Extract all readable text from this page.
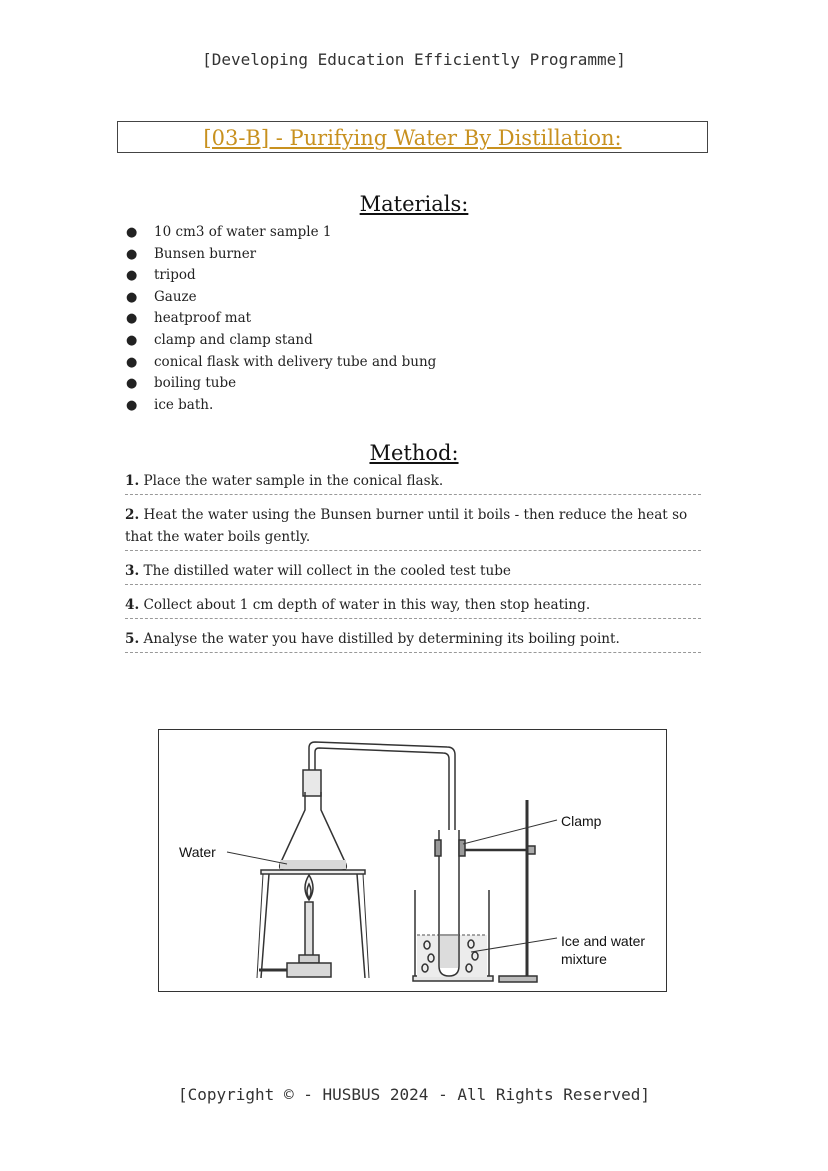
[Developing Education Efficiently Programme]
[03-B] - Purifying Water By Distillation:
Materials:
● 10 cm3 of water sample 1
● Bunsen burner
● tripod
● Gauze
● heatproof mat
● clamp and clamp stand
● conical flask with delivery tube and bung
● boiling tube
● ice bath.
Method:
1. Place the water sample in the conical flask.
2. Heat the water using the Bunsen burner until it boils - then reduce the heat so that the water boils gently.
3. The distilled water will collect in the cooled test tube
4. Collect about 1 cm depth of water in this way, then stop heating.
5. Analyse the water you have distilled by determining its boiling point.
Water
Clamp
Ice and water
mixture
[Copyright © - HUSBUS 2024 - All Rights Reserved]
